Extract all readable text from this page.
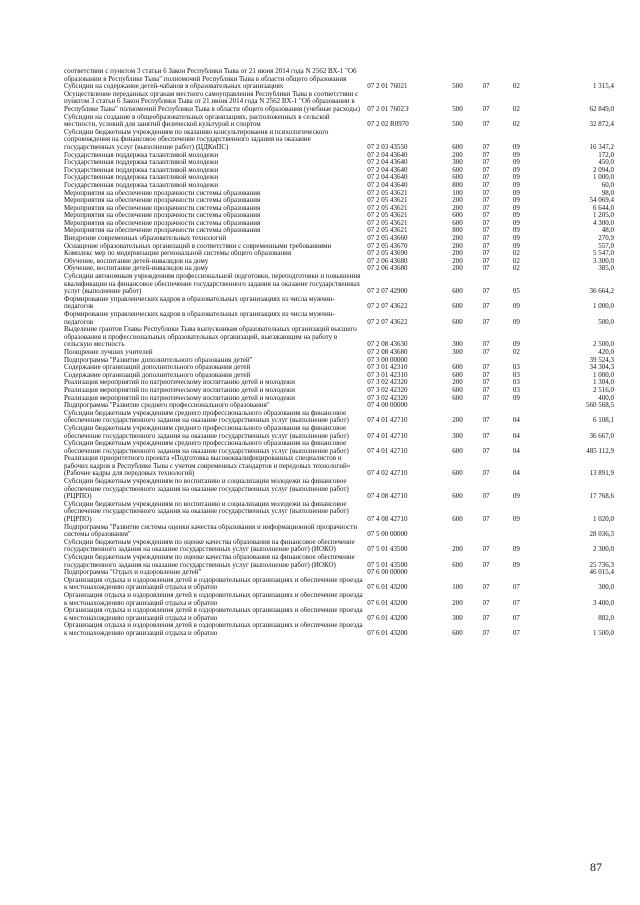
соответствии с пунктом 3 статьи 6 Закон Республики Тыва от 21 июня 2014 года N 2562 ВХ-1 "Об образовании в Республике Тыва" полномочий Республики Тыва в области общего образования					
Субсидии на содержание детей-чабанов в образовательных организациях	07 2 01 76021	500	07	02	1 315,4
Осуществление переданных органам местного самоуправления Республики Тыва в соответствии с пунктом 3 статьи 6 Закон Республики Тыва от 21 июня 2014 года N 2562 ВХ-1 "Об образовании в Республике Тыва" полномочий Республики Тыва в области общего образования (учебные расходы)	07 2 01 7602Э	500	07	02	62 849,0
Субсидии на создание в общеобразовательных организациях, расположенных в сельской местности, условий для занятий физической культурой и спортом	07 2 02 R0970	500	07	02	32 872,4
Субсидии бюджетным учреждениям по оказанию консультирования и психологического сопровождения на финансовое обеспечение государственного задания на оказание государственных услуг (выполнение работ) (ЦДКиПС)	07 2 03 43550	600	07	09	16 347,2
Государственная поддержка талантливой молодежи	07 2 04 43640	200	07	09	172,0
Государственная поддержка талантливой молодежи	07 2 04 43640	300	07	09	450,0
Государственная поддержка талантливой молодежи	07 2 04 43640	600	07	09	2 094,0
Государственная поддержка талантливой молодежи	07 2 04 43640	600	07	09	1 000,0
Государственная поддержка талантливой молодежи	07 2 04 43640	800	07	09	60,0
Мероприятия на обеспечение прозрачности системы образования	07 2 05 43621	100	07	09	98,0
Мероприятия на обеспечение прозрачности системы образования	07 2 05 43621	200	07	09	54 069,4
Мероприятия на обеспечение прозрачности системы образования	07 2 05 43621	200	07	09	6 644,0
Мероприятия на обеспечение прозрачности системы образования	07 2 05 43621	600	07	09	1 205,0
Мероприятия на обеспечение прозрачности системы образования	07 2 05 43621	600	07	09	4 300,0
Мероприятия на обеспечение прозрачности системы образования	07 2 05 43621	800	07	09	48,0
Внедрение современных образовательных технологий	07 2 05 43660	200	07	09	270,9
Оснащение образовательных организаций в соответствии с современными требованиями	07 2 05 43670	200	07	09	557,0
Комплекс мер по модернизации региональной системы общего образования	07 2 05 43690	200	07	02	5 547,0
Обучение, воспитание детей-инвалидов на дому	07 2 06 43680	200	07	02	3 300,0
Обучение, воспитание детей-инвалидов на дому	07 2 06 43680	200	07	02	385,0
Субсидии автономным учреждениям профессиональной подготовки, переподготовки и повышения квалификации на финансовое обеспечение государственного задания на оказание государственных услуг (выполнение работ)	07 2 07 42900	600	07	05	36 664,2
Формирование управленческих кадров в образовательных организациях из числа мужчин-педагогов	07 2 07 43622	600	07	09	1 000,0
Формирование управленческих кадров в образовательных организациях из числа мужчин-педагогов	07 2 07 43622	600	07	09	500,0
Выделение грантов Главы Республики Тыва выпускникам образовательных организаций высшего образования и профессиональных образовательных организаций, выезжающим на работу в сельскую местность	07 2 08 43630	300	07	09	2 500,0
Поощрение лучших учителей	07 2 08 43680	300	07	02	420,0
Подпрограмма "Развитие дополнительного образования детей"	07 3 00 00000				39 524,3
Содержание организаций дополнительного образования детей	07 3 01 42310	600	07	03	34 304,3
Содержание организаций дополнительного образования детей	07 3 01 42310	600	07	03	1 000,0
Реализация мероприятий по патриотическому воспитанию детей и молодежи	07 3 02 42320	200	07	03	1 304,0
Реализация мероприятий по патриотическому воспитанию детей и молодежи	07 3 02 42320	600	07	03	2 516,0
Реализация мероприятий по патриотическому воспитанию детей и молодежи	07 3 02 42320	600	07	09	400,0
Подпрограмма "Развитие среднего профессионального образования"	07 4 00 00000				560 568,5
Субсидии бюджетным учреждениям среднего профессионального образования на финансовое обеспечение государственного задания на оказание государственных услуг (выполнение работ)	07 4 01 42710	200	07	04	6 108,1
Субсидии бюджетным учреждениям среднего профессионального образования на финансовое обеспечение государственного задания на оказание государственных услуг (выполнение работ)	07 4 01 42710	300	07	04	36 667,0
Субсидии бюджетным учреждениям среднего профессионального образования на финансовое обеспечение государственного задания на оказание государственных услуг (выполнение работ)	07 4 01 42710	600	07	04	485 112,9
Реализация приоритетного проекта «Подготовка высококвалифицированных специалистов и рабочих кадров в Республике Тыва с учетом современных стандартов и передовых технологий» (Рабочие кадры для передовых технологий)	07 4 02 42710	600	07	04	13 891,9
Субсидии бюджетным учреждениям по воспитанию и социализации молодежи на финансовое обеспечение государственного задания на оказание государственных услуг (выполнение работ) (РЦРПО)	07 4 08 42710	600	07	09	17 768,6
Субсидии бюджетным учреждениям по воспитанию и социализации молодежи на финансовое обеспечение государственного задания на оказание государственных услуг (выполнение работ) (РЦРПО)	07 4 08 42710	600	07	09	1 020,0
Подпрограмма "Развитие системы оценки качества образования и информационной прозрачности системы образования"	07 5 00 00000				28 036,3
Субсидии бюджетным учреждениям по оценке качества образования на финансовое обеспечение государственного задания на оказание государственных услуг (выполнение работ) (ИОКО)	07 5 01 43500	200	07	09	2 300,0
Субсидии бюджетным учреждениям по оценке качества образования на финансовое обеспечение государственного задания на оказание государственных услуг (выполнение работ) (ИОКО)	07 5 01 43500	600	07	09	25 736,3
Подпрограмма "Отдых и оздоровление детей"	07 6 00 00000				46 015,4
Организация отдыха и оздоровления детей в оздоровительных организациях и обеспечение проезда к местонахождению организаций отдыха и обратно	07 6 01 43200	100	07	07	300,0
Организация отдыха и оздоровления детей в оздоровительных организациях и обеспечение проезда к местонахождению организаций отдыха и обратно	07 6 01 43200	200	07	07	3 400,0
Организация отдыха и оздоровления детей в оздоровительных организациях и обеспечение проезда к местонахождению организаций отдыха и обратно	07 6 01 43200	300	07	07	882,0
Организация отдыха и оздоровления детей в оздоровительных организациях и обеспечение проезда к местонахождению организаций отдыха и обратно	07 6 01 43200	600	07	07	1 500,0
87
